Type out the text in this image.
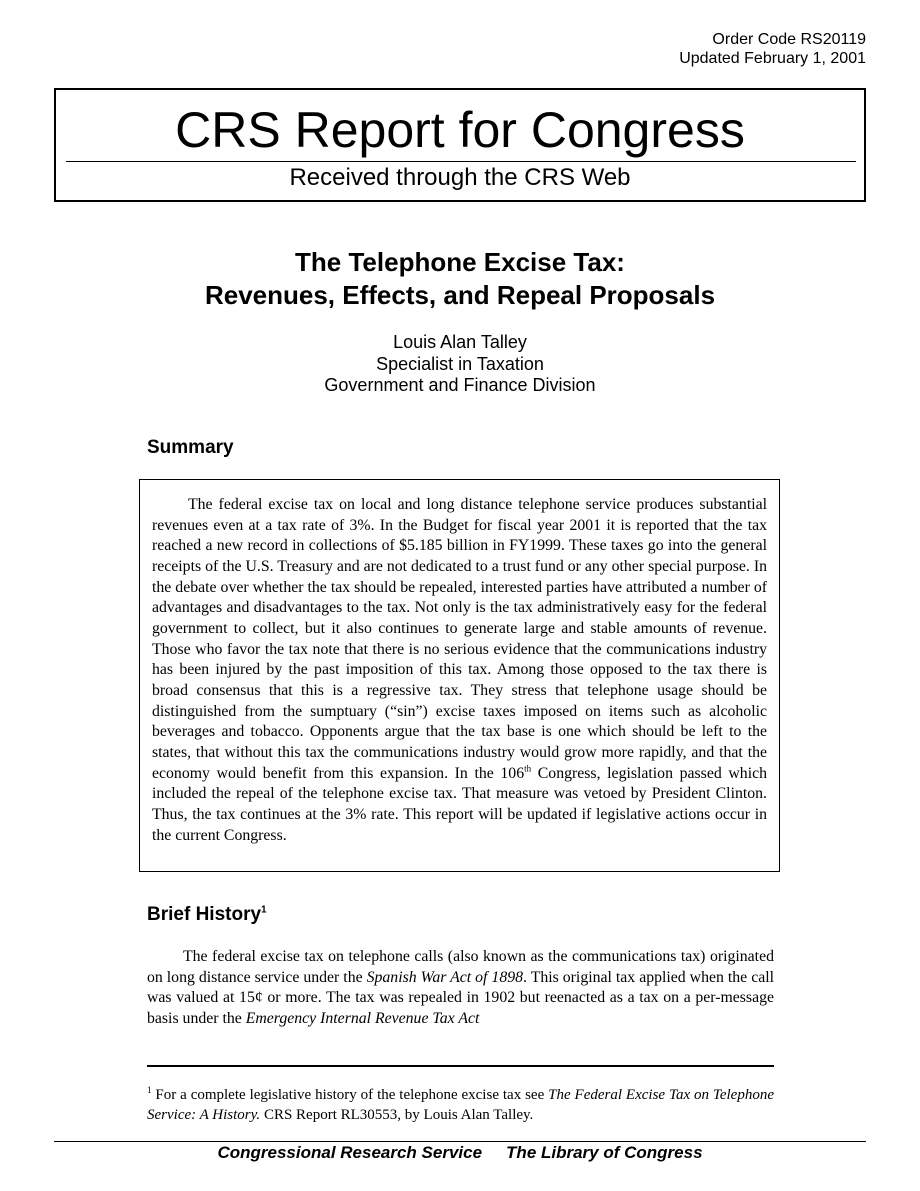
Order Code RS20119
Updated February 1, 2001
CRS Report for Congress
Received through the CRS Web
The Telephone Excise Tax:
Revenues, Effects, and Repeal Proposals
Louis Alan Talley
Specialist in Taxation
Government and Finance Division
Summary

The federal excise tax on local and long distance telephone service produces substantial revenues even at a tax rate of 3%. In the Budget for fiscal year 2001 it is reported that the tax reached a new record in collections of $5.185 billion in FY1999. These taxes go into the general receipts of the U.S. Treasury and are not dedicated to a trust fund or any other special purpose. In the debate over whether the tax should be repealed, interested parties have attributed a number of advantages and disadvantages to the tax. Not only is the tax administratively easy for the federal government to collect, but it also continues to generate large and stable amounts of revenue. Those who favor the tax note that there is no serious evidence that the communications industry has been injured by the past imposition of this tax. Among those opposed to the tax there is broad consensus that this is a regressive tax. They stress that telephone usage should be distinguished from the sumptuary (“sin”) excise taxes imposed on items such as alcoholic beverages and tobacco. Opponents argue that the tax base is one which should be left to the states, that without this tax the communications industry would grow more rapidly, and that the economy would benefit from this expansion. In the 106th Congress, legislation passed which included the repeal of the telephone excise tax. That measure was vetoed by President Clinton. Thus, the tax continues at the 3% rate. This report will be updated if legislative actions occur in the current Congress.

Brief History$^1$

The federal excise tax on telephone calls (also known as the communications tax) originated on long distance service under the Spanish War Act of 1898. This original tax applied when the call was valued at 15¢ or more. The tax was repealed in 1902 but reenacted as a tax on a per-message basis under the Emergency Internal Revenue Tax Act

$^1$ For a complete legislative history of the telephone excise tax see The Federal Excise Tax on Telephone Service: A History. CRS Report RL30553, by Louis Alan Talley.

Congressional Research Service The Library of Congress
